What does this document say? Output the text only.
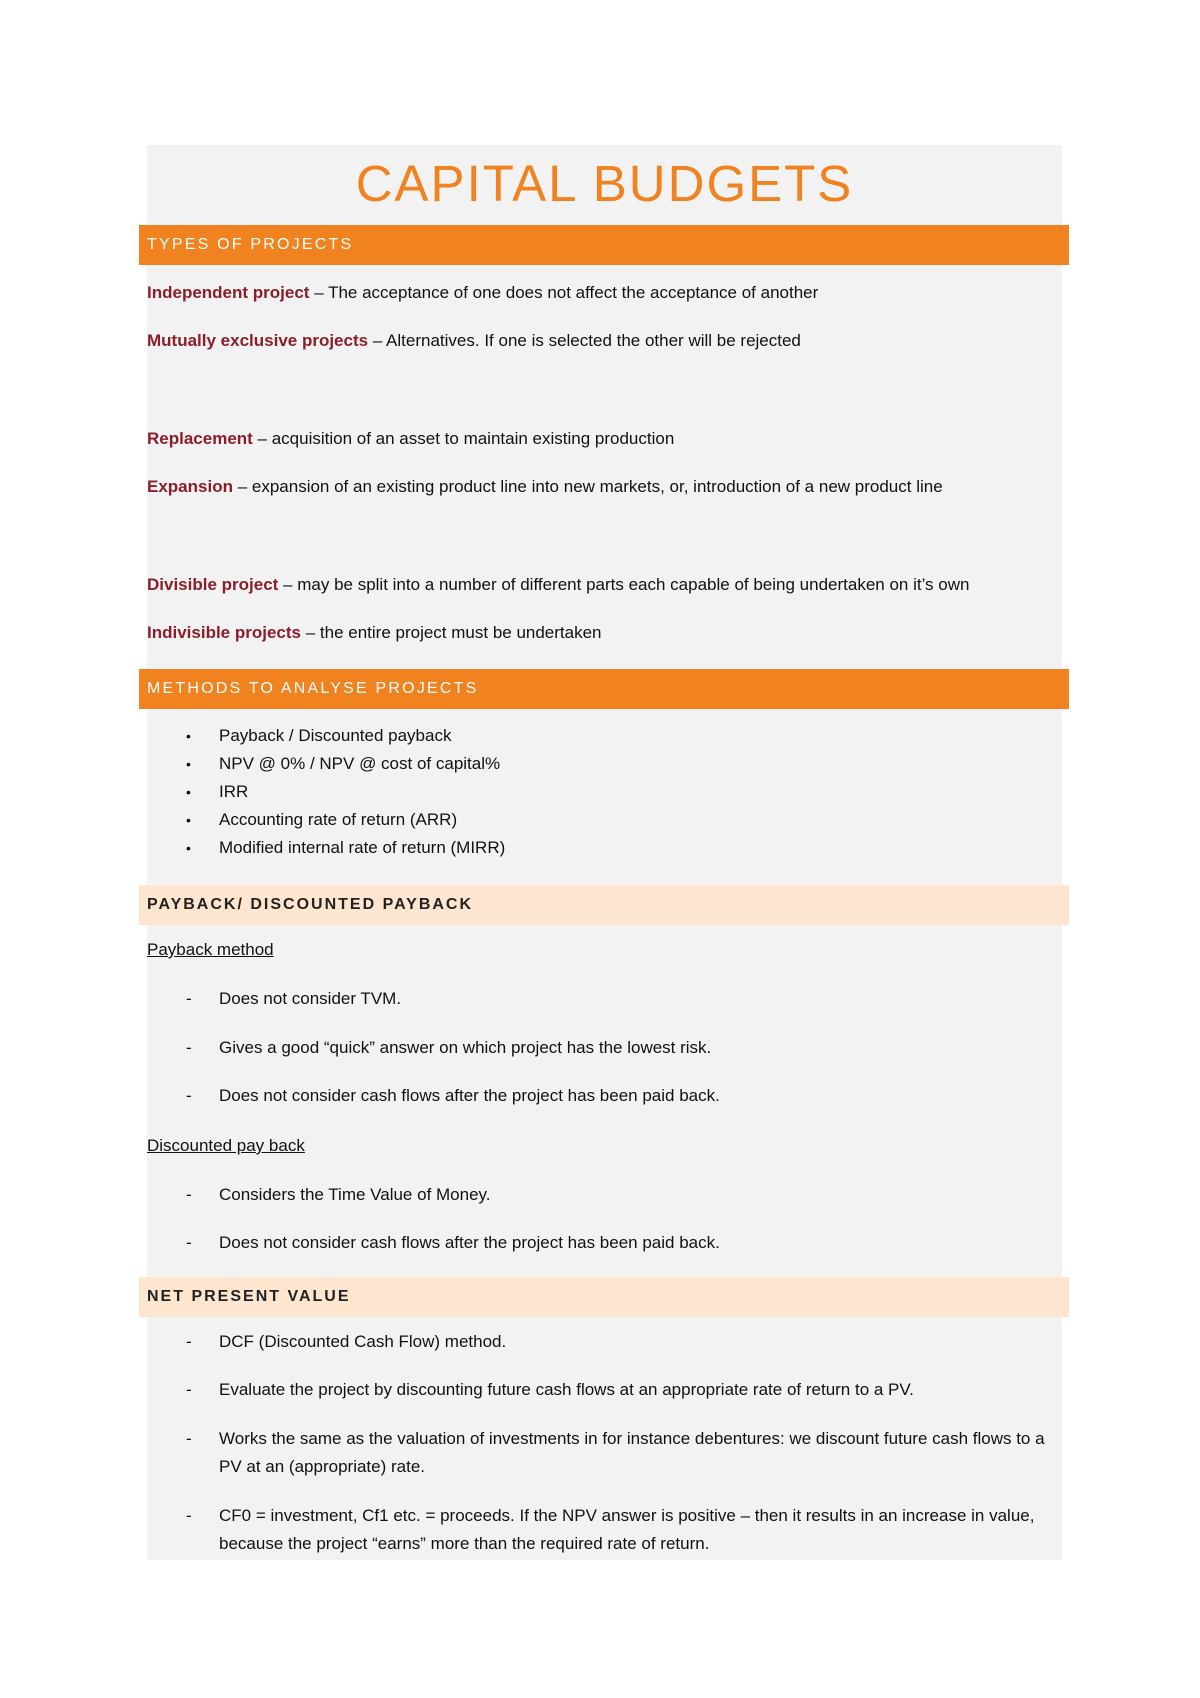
CAPITAL BUDGETS
TYPES OF PROJECTS
Independent project – The acceptance of one does not affect the acceptance of another
Mutually exclusive projects – Alternatives. If one is selected the other will be rejected
Replacement – acquisition of an asset to maintain existing production
Expansion – expansion of an existing product line into new markets, or, introduction of a new product line
Divisible project – may be split into a number of different parts each capable of being undertaken on it’s own
Indivisible projects – the entire project must be undertaken
METHODS TO ANALYSE PROJECTS
•	Payback / Discounted payback
•	NPV @ 0% / NPV @ cost of capital%
•	IRR
•	Accounting rate of return (ARR)
•	Modified internal rate of return (MIRR)
PAYBACK/ DISCOUNTED PAYBACK
Payback method
-	Does not consider TVM.
-	Gives a good “quick” answer on which project has the lowest risk.
-	Does not consider cash flows after the project has been paid back.
Discounted pay back
-	Considers the Time Value of Money.
-	Does not consider cash flows after the project has been paid back.
NET PRESENT VALUE
-	DCF (Discounted Cash Flow) method.
-	Evaluate the project by discounting future cash flows at an appropriate rate of return to a PV.
-	Works the same as the valuation of investments in for instance debentures: we discount future cash flows to a PV at an (appropriate) rate.
-	CF0 = investment, Cf1 etc. = proceeds. If the NPV answer is positive – then it results in an increase in value, because the project “earns” more than the required rate of return.
